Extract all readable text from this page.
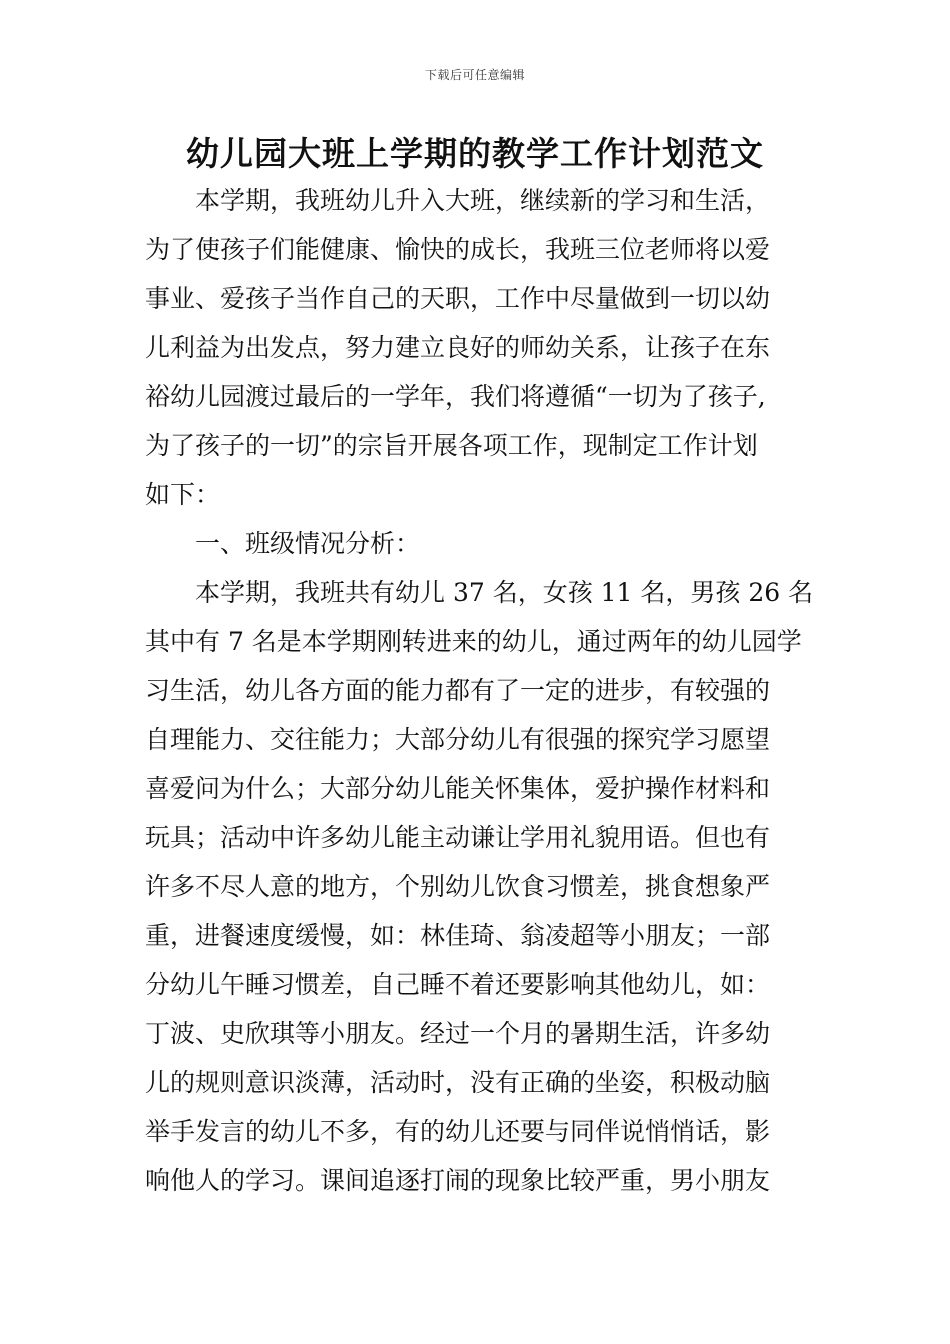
下载后可任意编辑
幼儿园大班上学期的教学工作计划范文

本学期，我班幼儿升入大班，继续新的学习和生活，
为了使孩子们能健康、愉快的成长，我班三位老师将以爱
事业、爱孩子当作自己的天职，工作中尽量做到一切以幼
儿利益为出发点，努力建立良好的师幼关系，让孩子在东
裕幼儿园渡过最后的一学年，我们将遵循“一切为了孩子,
为了孩子的一切”的宗旨开展各项工作，现制定工作计划
如下：

一、班级情况分析：

本学期，我班共有幼儿 37 名，女孩 11 名，男孩 26 名
其中有 7 名是本学期刚转进来的幼儿，通过两年的幼儿园学
习生活，幼儿各方面的能力都有了一定的进步，有较强的
自理能力、交往能力；大部分幼儿有很强的探究学习愿望
喜爱问为什么；大部分幼儿能关怀集体，爱护操作材料和
玩具；活动中许多幼儿能主动谦让学用礼貌用语。但也有
许多不尽人意的地方，个别幼儿饮食习惯差，挑食想象严
重，进餐速度缓慢，如：林佳琦、翁凌超等小朋友；一部
分幼儿午睡习惯差，自己睡不着还要影响其他幼儿，如：
丁波、史欣琪等小朋友。经过一个月的暑期生活，许多幼
儿的规则意识淡薄，活动时，没有正确的坐姿，积极动脑
举手发言的幼儿不多，有的幼儿还要与同伴说悄悄话，影
响他人的学习。课间追逐打闹的现象比较严重，男小朋友
